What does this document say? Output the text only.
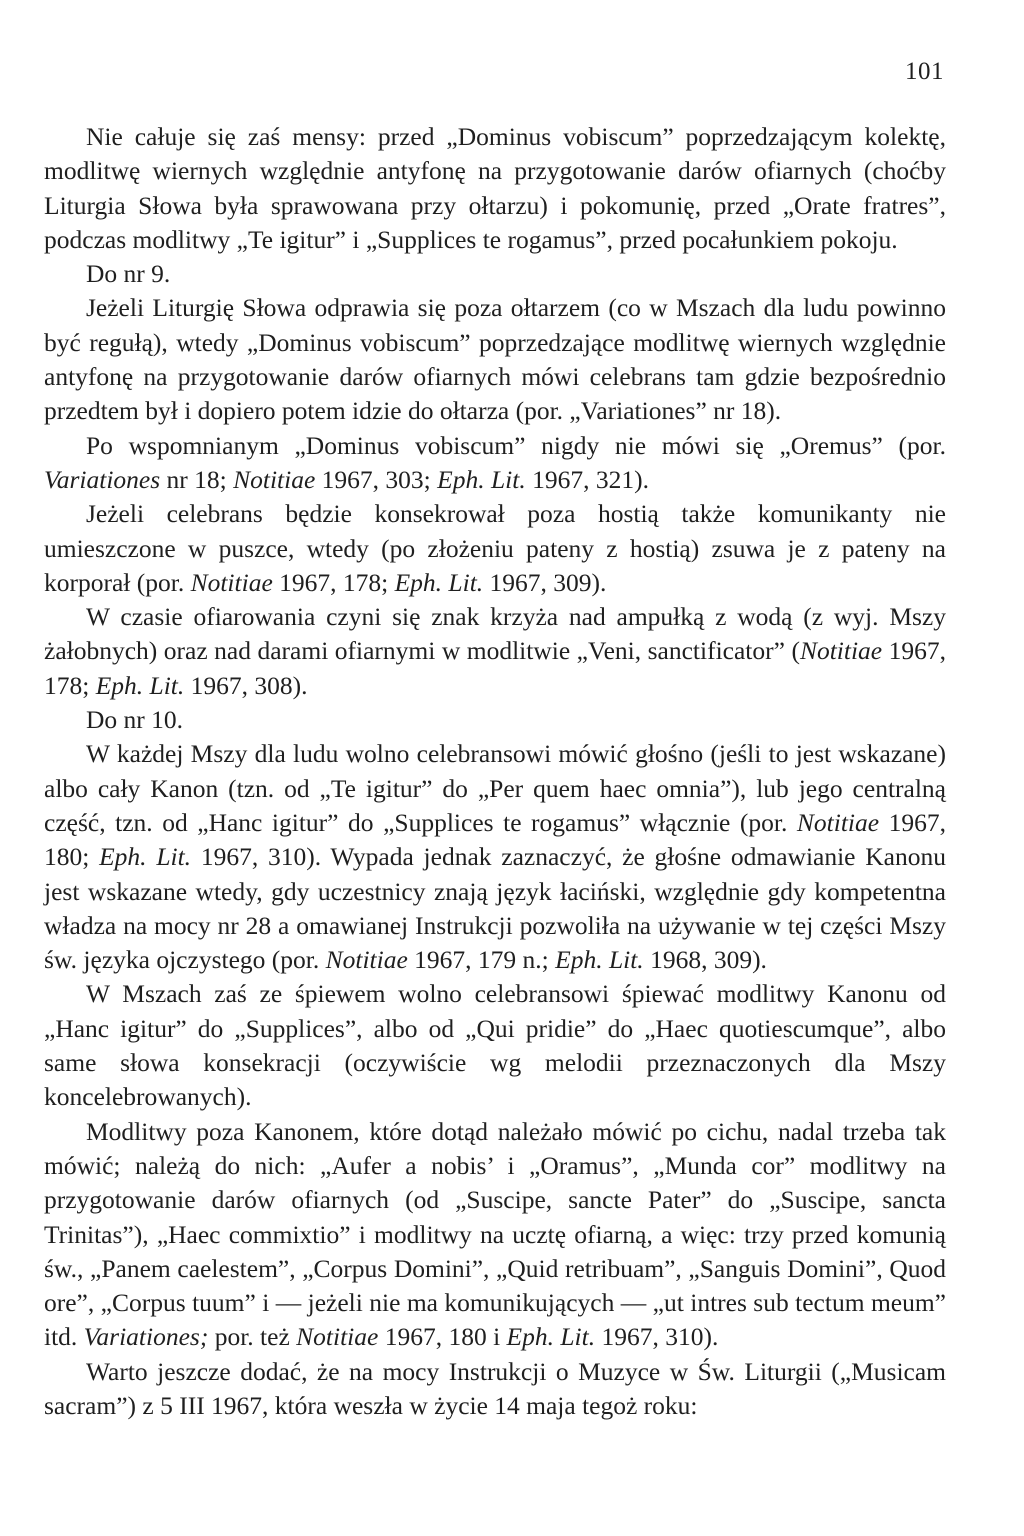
101

Nie całuje się zaś mensy: przed „Dominus vobiscum” poprzedzającym kolektę, modlitwę wiernych względnie antyfonę na przygotowanie darów ofiarnych (choćby Liturgia Słowa była sprawowana przy ołtarzu) i pokomunię, przed „Orate fratres”, podczas modlitwy „Te igitur” i „Supplices te rogamus”, przed pocałunkiem pokoju.

Do nr 9.

Jeżeli Liturgię Słowa odprawia się poza ołtarzem (co w Mszach dla ludu powinno być regułą), wtedy „Dominus vobiscum” poprzedzające modlitwę wiernych względnie antyfonę na przygotowanie darów ofiarnych mówi celebrans tam gdzie bezpośrednio przedtem był i dopiero potem idzie do ołtarza (por. „Variationes” nr 18).

Po wspomnianym „Dominus vobiscum” nigdy nie mówi się „Oremus” (por. Variationes nr 18; Notitiae 1967, 303; Eph. Lit. 1967, 321).

Jeżeli celebrans będzie konsekrował poza hostią także komunikanty nie umieszczone w puszce, wtedy (po złożeniu pateny z hostią) zsuwa je z pateny na korporał (por. Notitiae 1967, 178; Eph. Lit. 1967, 309).

W czasie ofiarowania czyni się znak krzyża nad ampułką z wodą (z wyj. Mszy żałobnych) oraz nad darami ofiarnymi w modlitwie „Veni, sanctificator” (Notitiae 1967, 178; Eph. Lit. 1967, 308).

Do nr 10.

W każdej Mszy dla ludu wolno celebransowi mówić głośno (jeśli to jest wskazane) albo cały Kanon (tzn. od „Te igitur” do „Per quem haec omnia”), lub jego centralną część, tzn. od „Hanc igitur” do „Supplices te rogamus” włącznie (por. Notitiae 1967, 180; Eph. Lit. 1967, 310). Wypada jednak zaznaczyć, że głośne odmawianie Kanonu jest wskazane wtedy, gdy uczestnicy znają język łaciński, względnie gdy kompetentna władza na mocy nr 28 a omawianej Instrukcji pozwoliła na używanie w tej części Mszy św. języka ojczystego (por. Notitiae 1967, 179 n.; Eph. Lit. 1968, 309).

W Mszach zaś ze śpiewem wolno celebransowi śpiewać modlitwy Kanonu od „Hanc igitur” do „Supplices”, albo od „Qui pridie” do „Haec quotiescumque”, albo same słowa konsekracji (oczywiście wg melodii przeznaczonych dla Mszy koncelebrowanych).

Modlitwy poza Kanonem, które dotąd należało mówić po cichu, nadal trzeba tak mówić; należą do nich: „Aufer a nobis’ i „Oramus”, „Munda cor” modlitwy na przygotowanie darów ofiarnych (od „Suscipe, sancte Pater” do „Suscipe, sancta Trinitas”), „Haec commixtio” i modlitwy na ucztę ofiarną, a więc: trzy przed komunią św., „Panem caelestem”, „Corpus Domini”, „Quid retribuam”, „Sanguis Domini”, Quod ore”, „Corpus tuum” i — jeżeli nie ma komunikujących — „ut intres sub tectum meum” itd. Variationes; por. też Notitiae 1967, 180 i Eph. Lit. 1967, 310).

Warto jeszcze dodać, że na mocy Instrukcji o Muzyce w Św. Liturgii („Musicam sacram”) z 5 III 1967, która weszła w życie 14 maja tegoż roku:
